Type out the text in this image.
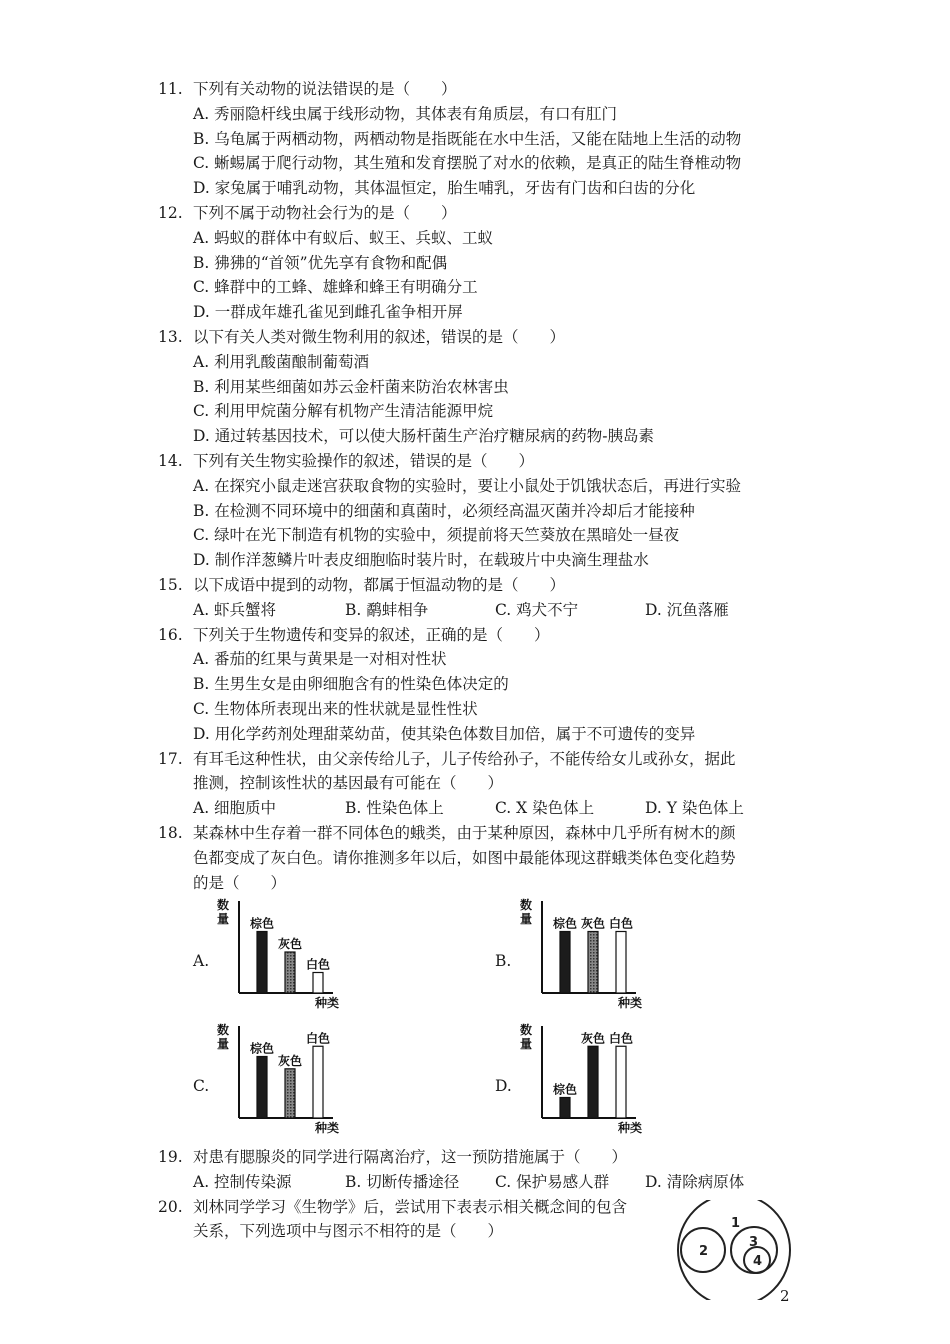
11. 下列有关动物的说法错误的是（　　）
A. 秀丽隐杆线虫属于线形动物，其体表有角质层，有口有肛门
B. 乌龟属于两栖动物，两栖动物是指既能在水中生活，又能在陆地上生活的动物
C. 蜥蜴属于爬行动物，其生殖和发育摆脱了对水的依赖，是真正的陆生脊椎动物
D. 家兔属于哺乳动物，其体温恒定，胎生哺乳，牙齿有门齿和臼齿的分化
12. 下列不属于动物社会行为的是（　　）
A. 蚂蚁的群体中有蚁后、蚁王、兵蚁、工蚁
B. 狒狒的“首领”优先享有食物和配偶
C. 蜂群中的工蜂、雄蜂和蜂王有明确分工
D. 一群成年雄孔雀见到雌孔雀争相开屏
13. 以下有关人类对微生物利用的叙述，错误的是（　　）
A. 利用乳酸菌酿制葡萄酒
B. 利用某些细菌如苏云金杆菌来防治农林害虫
C. 利用甲烷菌分解有机物产生清洁能源甲烷
D. 通过转基因技术，可以使大肠杆菌生产治疗糖尿病的药物-胰岛素
14. 下列有关生物实验操作的叙述，错误的是（　　）
A. 在探究小鼠走迷宫获取食物的实验时，要让小鼠处于饥饿状态后，再进行实验
B. 在检测不同环境中的细菌和真菌时，必须经高温灭菌并冷却后才能接种
C. 绿叶在光下制造有机物的实验中，须提前将天竺葵放在黑暗处一昼夜
D. 制作洋葱鳞片叶表皮细胞临时装片时，在载玻片中央滴生理盐水
15. 以下成语中提到的动物，都属于恒温动物的是（　　）
A. 虾兵蟹将	B. 鹬蚌相争	C. 鸡犬不宁	D. 沉鱼落雁
16. 下列关于生物遗传和变异的叙述，正确的是（　　）
A. 番茄的红果与黄果是一对相对性状
B. 生男生女是由卵细胞含有的性染色体决定的
C. 生物体所表现出来的性状就是显性性状
D. 用化学药剂处理甜菜幼苗，使其染色体数目加倍，属于不可遗传的变异
17. 有耳毛这种性状，由父亲传给儿子，儿子传给孙子，不能传给女儿或孙女，据此
推测，控制该性状的基因最有可能在（　　）
A. 细胞质中	B. 性染色体上	C. X 染色体上	D. Y 染色体上
18. 某森林中生存着一群不同体色的蛾类，由于某种原因，森林中几乎所有树木的颜
色都变成了灰白色。请你推测多年以后，如图中最能体现这群蛾类体色变化趋势
的是（　　）
19. 对患有腮腺炎的同学进行隔离治疗，这一预防措施属于（　　）
A. 控制传染源	B. 切断传播途径 C. 保护易感人群 D. 清除病原体
20. 刘林同学学习《生物学》后，尝试用下表表示相关概念间的包含
关系，下列选项中与图示不相符的是（　　）
数
量
种类
棕色
灰色
白色
数
量
种类
棕色 灰色 白色
数
量
种类
棕色
灰色
白色
数
量
种类
棕色
灰色 白色
A.	B.
C.	D.
1
2
3
4
2
